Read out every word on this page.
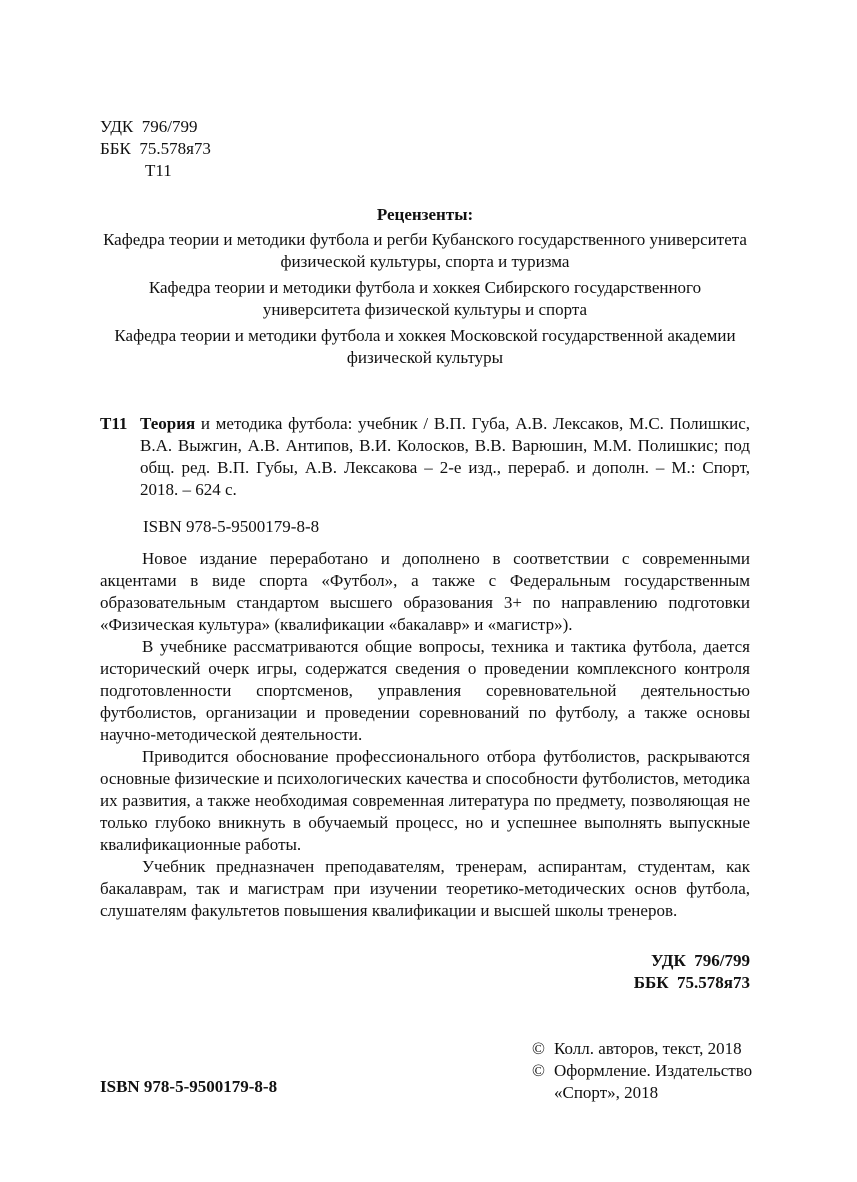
УДК  796/799
ББК  75.578я73
Т11
Рецензенты:
Кафедра теории и методики футбола и регби Кубанского государственного университета физической культуры, спорта и туризма
Кафедра теории и методики футбола и хоккея Сибирского государственного университета физической культуры и спорта
Кафедра теории и методики футбола и хоккея Московской государственной академии физической культуры
Т11 Теория и методика футбола: учебник / В.П. Губа, А.В. Лексаков, М.С. Полишкис, В.А. Выжгин, А.В. Антипов, В.И. Колосков, В.В. Варюшин, М.М. Полишкис; под общ. ред. В.П. Губы, А.В. Лексакова – 2-е изд., перераб. и дополн. – М.: Спорт, 2018. – 624 с.
ISBN 978-5-9500179-8-8

Новое издание переработано и дополнено в соответствии с современными акцентами в виде спорта «Футбол», а также с Федеральным государственным образовательным стандартом высшего образования 3+ по направлению подготовки «Физическая культура» (квалификации «бакалавр» и «магистр»).

В учебнике рассматриваются общие вопросы, техника и тактика футбола, дается исторический очерк игры, содержатся сведения о проведении комплексного контроля подготовленности спортсменов, управления соревновательной деятельностью футболистов, организации и проведении соревнований по футболу, а также основы научно-методической деятельности.

Приводится обоснование профессионального отбора футболистов, раскрываются основные физические и психологических качества и способности футболистов, методика их развития, а также необходимая современная литература по предмету, позволяющая не только глубоко вникнуть в обучаемый процесс, но и успешнее выполнять выпускные квалификационные работы.

Учебник предназначен преподавателям, тренерам, аспирантам, студентам, как бакалаврам, так и магистрам при изучении теоретико-методических основ футбола, слушателям факультетов повышения квалификации и высшей школы тренеров.

УДК  796/799
ББК  75.578я73
© Колл. авторов, текст, 2018
© Оформление. Издательство «Спорт», 2018
ISBN 978-5-9500179-8-8
